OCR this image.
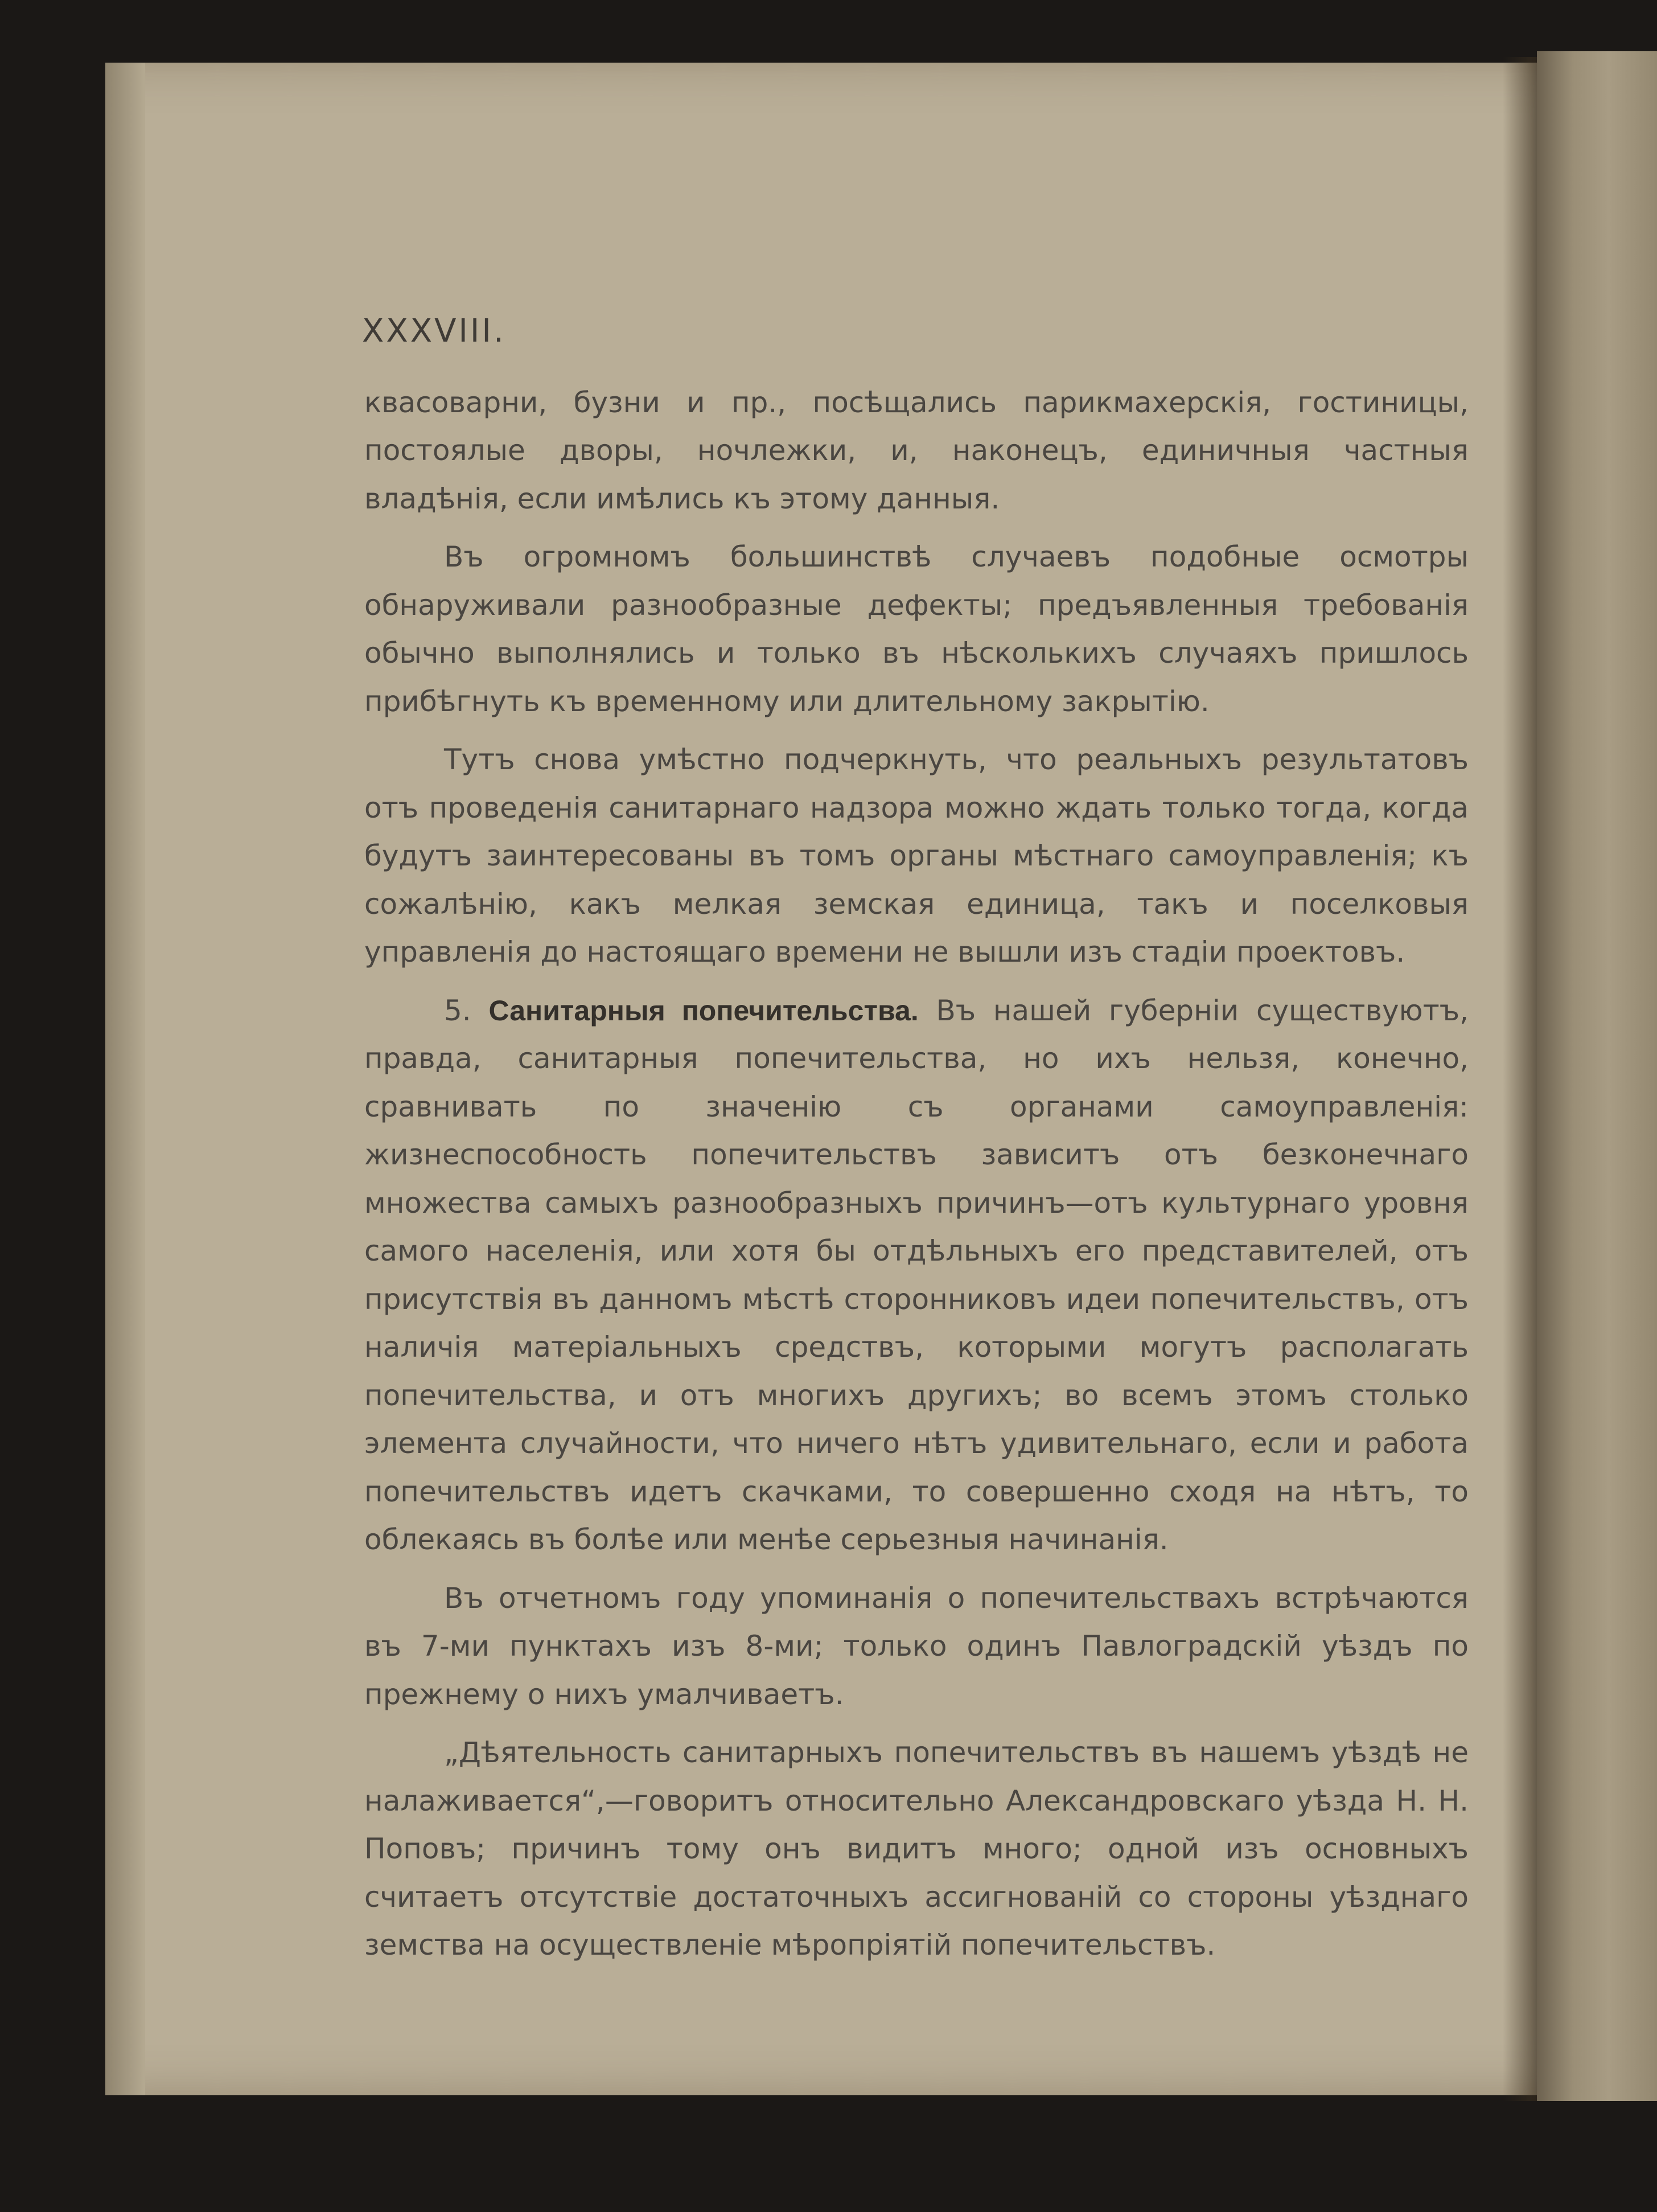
XXXVIII.

квасоварни, бузни и пр., посѣщались парикмахерскія, гостиницы, постоялые дворы, ночлежки, и, наконецъ, единичныя частныя владѣнія, если имѣлись къ этому данныя.

Въ огромномъ большинствѣ случаевъ подобные осмотры обнаруживали разнообразные дефекты; предъявленныя требованія обычно выполнялись и только въ нѣсколькихъ случаяхъ пришлось прибѣгнуть къ временному или длительному закрытію.

Тутъ снова умѣстно подчеркнуть, что реальныхъ результатовъ отъ проведенія санитарнаго надзора можно ждать только тогда, когда будутъ заинтересованы въ томъ органы мѣстнаго самоуправленія; къ сожалѣнію, какъ мелкая земская единица, такъ и поселковыя управленія до настоящаго времени не вышли изъ стадіи проектовъ.

5. Санитарныя попечительства. Въ нашей губерніи существуютъ, правда, санитарныя попечительства, но ихъ нельзя, конечно, сравнивать по значенію съ органами самоуправленія: жизнеспособность попечительствъ зависитъ отъ безконечнаго множества самыхъ разнообразныхъ причинъ—отъ культурнаго уровня самого населенія, или хотя бы отдѣльныхъ его представителей, отъ присутствія въ данномъ мѣстѣ сторонниковъ идеи попечительствъ, отъ наличія матеріальныхъ средствъ, которыми могутъ располагать попечительства, и отъ многихъ другихъ; во всемъ этомъ столько элемента случайности, что ничего нѣтъ удивительнаго, если и работа попечительствъ идетъ скачками, то совершенно сходя на нѣтъ, то облекаясь въ болѣе или менѣе серьезныя начинанія.

Въ отчетномъ году упоминанія о попечительствахъ встрѣчаются въ 7-ми пунктахъ изъ 8-ми; только одинъ Павлоградскій уѣздъ по прежнему о нихъ умалчиваетъ.

„Дѣятельность санитарныхъ попечительствъ въ нашемъ уѣздѣ не налаживается“,—говоритъ относительно Александровскаго уѣзда Н. Н. Поповъ; причинъ тому онъ видитъ много; одной изъ основныхъ считаетъ отсутствіе достаточныхъ ассигнованій со стороны уѣзднаго земства на осуществленіе мѣропріятій попечительствъ.
